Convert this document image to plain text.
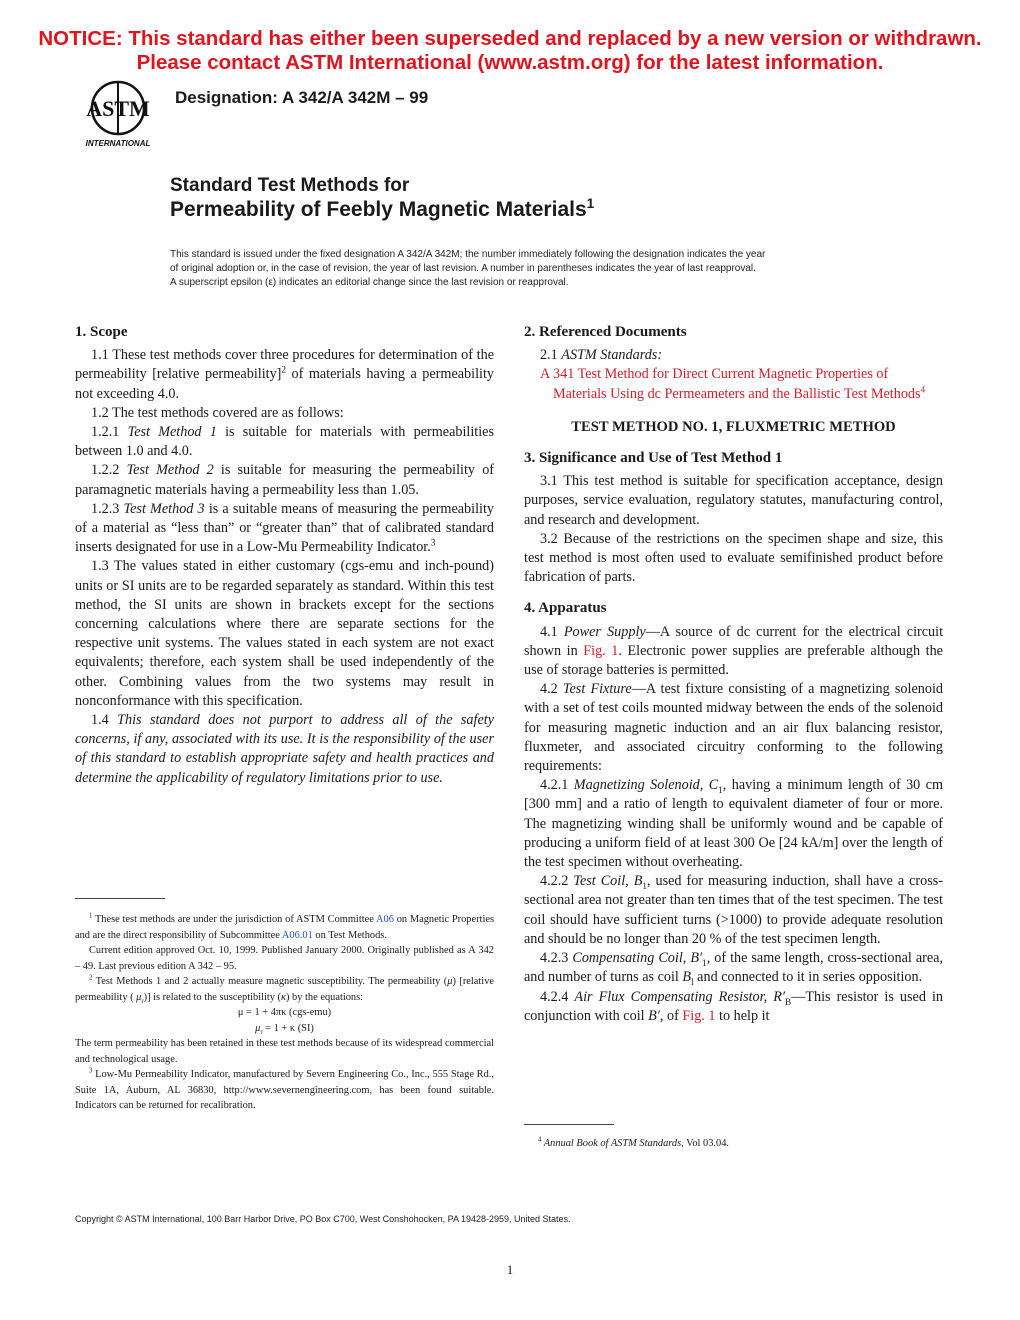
NOTICE: This standard has either been superseded and replaced by a new version or withdrawn.
Please contact ASTM International (www.astm.org) for the latest information.
ASTM
INTERNATIONAL
Designation: A 342/A 342M – 99
Standard Test Methods for
Permeability of Feebly Magnetic Materials$^1$
This standard is issued under the fixed designation A 342/A 342M; the number immediately following the designation indicates the year
of original adoption or, in the case of revision, the year of last revision. A number in parentheses indicates the year of last reapproval.
A superscript epsilon (ε) indicates an editorial change since the last revision or reapproval.
1. Scope

1.1 These test methods cover three procedures for determination of the permeability [relative permeability]$^2$ of materials having a permeability not exceeding 4.0.

1.2 The test methods covered are as follows:

1.2.1 Test Method 1 is suitable for materials with permeabilities between 1.0 and 4.0.

1.2.2 Test Method 2 is suitable for measuring the permeability of paramagnetic materials having a permeability less than 1.05.

1.2.3 Test Method 3 is a suitable means of measuring the permeability of a material as “less than” or “greater than” that of calibrated standard inserts designated for use in a Low-Mu Permeability Indicator.$^3$

1.3 The values stated in either customary (cgs-emu and inch-pound) units or SI units are to be regarded separately as standard. Within this test method, the SI units are shown in brackets except for the sections concerning calculations where there are separate sections for the respective unit systems. The values stated in each system are not exact equivalents; therefore, each system shall be used independently of the other. Combining values from the two systems may result in nonconformance with this specification.

1.4 This standard does not purport to address all of the safety concerns, if any, associated with its use. It is the responsibility of the user of this standard to establish appropriate safety and health practices and determine the applicability of regulatory limitations prior to use.

$^1$ These test methods are under the jurisdiction of ASTM Committee A06 on Magnetic Properties and are the direct responsibility of Subcommittee A06.01 on Test Methods.

Current edition approved Oct. 10, 1999. Published January 2000. Originally published as A 342 – 49. Last previous edition A 342 – 95.

$^2$ Test Methods 1 and 2 actually measure magnetic susceptibility. The permeability (μ) [relative permeability ( $\mu_r$)] is related to the susceptibility (κ) by the equations:

μ = 1 + 4πκ (cgs-emu)

$\mu_r = 1 + \kappa$ (SI)

The term permeability has been retained in these test methods because of its widespread commercial and technological usage.

$^3$ Low-Mu Permeability Indicator, manufactured by Severn Engineering Co., Inc., 555 Stage Rd., Suite 1A, Auburn, AL 36830, http://www.severnengineering.com, has been found suitable. Indicators can be returned for recalibration.

2. Referenced Documents

2.1 ASTM Standards:

A 341 Test Method for Direct Current Magnetic Properties of Materials Using dc Permeameters and the Ballistic Test Methods$^4$

TEST METHOD NO. 1, FLUXMETRIC METHOD

3. Significance and Use of Test Method 1

3.1 This test method is suitable for specification acceptance, design purposes, service evaluation, regulatory statutes, manufacturing control, and research and development.

3.2 Because of the restrictions on the specimen shape and size, this test method is most often used to evaluate semifinished product before fabrication of parts.

4. Apparatus

4.1 Power Supply—A source of dc current for the electrical circuit shown in Fig. 1. Electronic power supplies are preferable although the use of storage batteries is permitted.

4.2 Test Fixture—A test fixture consisting of a magnetizing solenoid with a set of test coils mounted midway between the ends of the solenoid for measuring magnetic induction and an air flux balancing resistor, fluxmeter, and associated circuitry conforming to the following requirements:

4.2.1 Magnetizing Solenoid, $C_1$, having a minimum length of 30 cm [300 mm] and a ratio of length to equivalent diameter of four or more. The magnetizing winding shall be uniformly wound and be capable of producing a uniform field of at least 300 Oe [24 kA/m] over the length of the test specimen without overheating.

4.2.2 Test Coil, $B_1$, used for measuring induction, shall have a cross-sectional area not greater than ten times that of the test specimen. The test coil should have sufficient turns (>1000) to provide adequate resolution and should be no longer than 20 % of the test specimen length.

4.2.3 Compensating Coil, $B'_1$, of the same length, cross-sectional area, and number of turns as coil $B_l$ and connected to it in series opposition.

4.2.4 Air Flux Compensating Resistor, $R'_B—This$ resistor is used in conjunction with coil B′, of Fig. 1 to help it

$^4$ Annual Book of ASTM Standards, Vol 03.04.

Copyright © ASTM International, 100 Barr Harbor Drive, PO Box C700, West Conshohocken, PA 19428-2959, United States.
1
